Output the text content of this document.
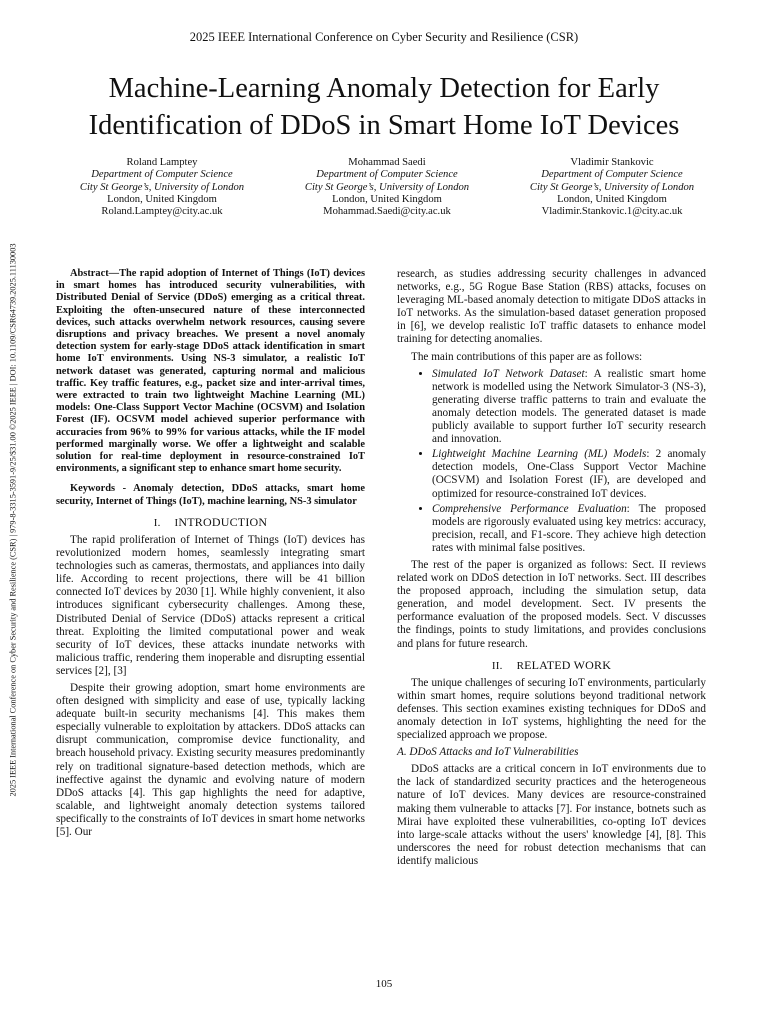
2025 IEEE International Conference on Cyber Security and Resilience (CSR)
Machine-Learning Anomaly Detection for Early
Identification of DDoS in Smart Home IoT Devices
Roland Lamptey
Department of Computer Science
City St George’s, University of London
London, United Kingdom
Roland.Lamptey@city.ac.uk
Mohammad Saedi
Department of Computer Science
City St George’s, University of London
London, United Kingdom
Mohammad.Saedi@city.ac.uk
Vladimir Stankovic
Department of Computer Science
City St George’s, University of London
London, United Kingdom
Vladimir.Stankovic.1@city.ac.uk
2025 IEEE International Conference on Cyber Security and Resilience (CSR) | 979-8-3315-3591-9/25/$31.00 ©2025 IEEE | DOI: 10.1109/CSR64739.2025.11130003	Abstract—The rapid adoption of Internet of Things (IoT) devices in smart homes has introduced security vulnerabilities, with Distributed Denial of Service (DDoS) emerging as a critical threat. Exploiting the often-unsecured nature of these interconnected devices, such attacks overwhelm network resources, causing severe disruptions and privacy breaches. We present a novel anomaly detection system for early-stage DDoS attack identification in smart home IoT environments. Using NS-3 simulator, a realistic IoT network dataset was generated, capturing normal and malicious traffic. Key traffic features, e.g., packet size and inter-arrival times, were extracted to train two lightweight Machine Learning (ML) models: One-Class Support Vector Machine (OCSVM) and Isolation Forest (IF). OCSVM model achieved superior performance with accuracies from 96% to 99% for various attacks, while the IF model performed marginally worse. We offer a lightweight and scalable solution for real-time deployment in resource-constrained IoT environments, a significant step to enhance smart home security.

Keywords - Anomaly detection, DDoS attacks, smart home security, Internet of Things (IoT), machine learning, NS-3 simulator

I. INTRODUCTION

The rapid proliferation of Internet of Things (IoT) devices has revolutionized modern homes, seamlessly integrating smart technologies such as cameras, thermostats, and appliances into daily life. According to recent projections, there will be 41 billion connected IoT devices by 2030 [1]. While highly convenient, it also introduces significant cybersecurity challenges. Among these, Distributed Denial of Service (DDoS) attacks represent a critical threat. Exploiting the limited computational power and weak security of IoT devices, these attacks inundate networks with malicious traffic, rendering them inoperable and disrupting essential services [2], [3]

Despite their growing adoption, smart home environments are often designed with simplicity and ease of use, typically lacking adequate built-in security mechanisms [4]. This makes them especially vulnerable to exploitation by attackers. DDoS attacks can disrupt communication, compromise device functionality, and breach household privacy. Existing security measures predominantly rely on traditional signature-based detection methods, which are ineffective against the dynamic and evolving nature of modern DDoS attacks [4]. This gap highlights the need for adaptive, scalable, and lightweight anomaly detection systems tailored specifically to the constraints of IoT devices in smart home networks [5]. Our

research, as studies addressing security challenges in advanced networks, e.g., 5G Rogue Base Station (RBS) attacks, focuses on leveraging ML-based anomaly detection to mitigate DDoS attacks in IoT networks. As the simulation-based dataset generation proposed in [6], we develop realistic IoT traffic datasets to enhance model training for detecting anomalies.

The main contributions of this paper are as follows:

• Simulated IoT Network Dataset: A realistic smart home network is modelled using the Network Simulator-3 (NS-3), generating diverse traffic patterns to train and evaluate the anomaly detection models. The generated dataset is made publicly available to support further IoT security research and innovation.
• Lightweight Machine Learning (ML) Models: 2 anomaly detection models, One-Class Support Vector Machine (OCSVM) and Isolation Forest (IF), are developed and optimized for resource-constrained IoT devices.
• Comprehensive Performance Evaluation: The proposed models are rigorously evaluated using key metrics: accuracy, precision, recall, and F1-score. They achieve high detection rates with minimal false positives.

The rest of the paper is organized as follows: Sect. II reviews related work on DDoS detection in IoT networks. Sect. III describes the proposed approach, including the simulation setup, data generation, and model development. Sect. IV presents the performance evaluation of the proposed models. Sect. V discusses the findings, points to study limitations, and provides conclusions and plans for future research.

II. RELATED WORK

The unique challenges of securing IoT environments, particularly within smart homes, require solutions beyond traditional network defenses. This section examines existing techniques for DDoS and anomaly detection in IoT systems, highlighting the need for the specialized approach we propose.

A. DDoS Attacks and IoT Vulnerabilities

DDoS attacks are a critical concern in IoT environments due to the lack of standardized security practices and the heterogeneous nature of IoT devices. Many devices are resource-constrained making them vulnerable to attacks [7]. For instance, botnets such as Mirai have exploited these vulnerabilities, co-opting IoT devices into large-scale attacks without the users' knowledge [4], [8]. This underscores the need for robust detection mechanisms that can identify malicious

105
